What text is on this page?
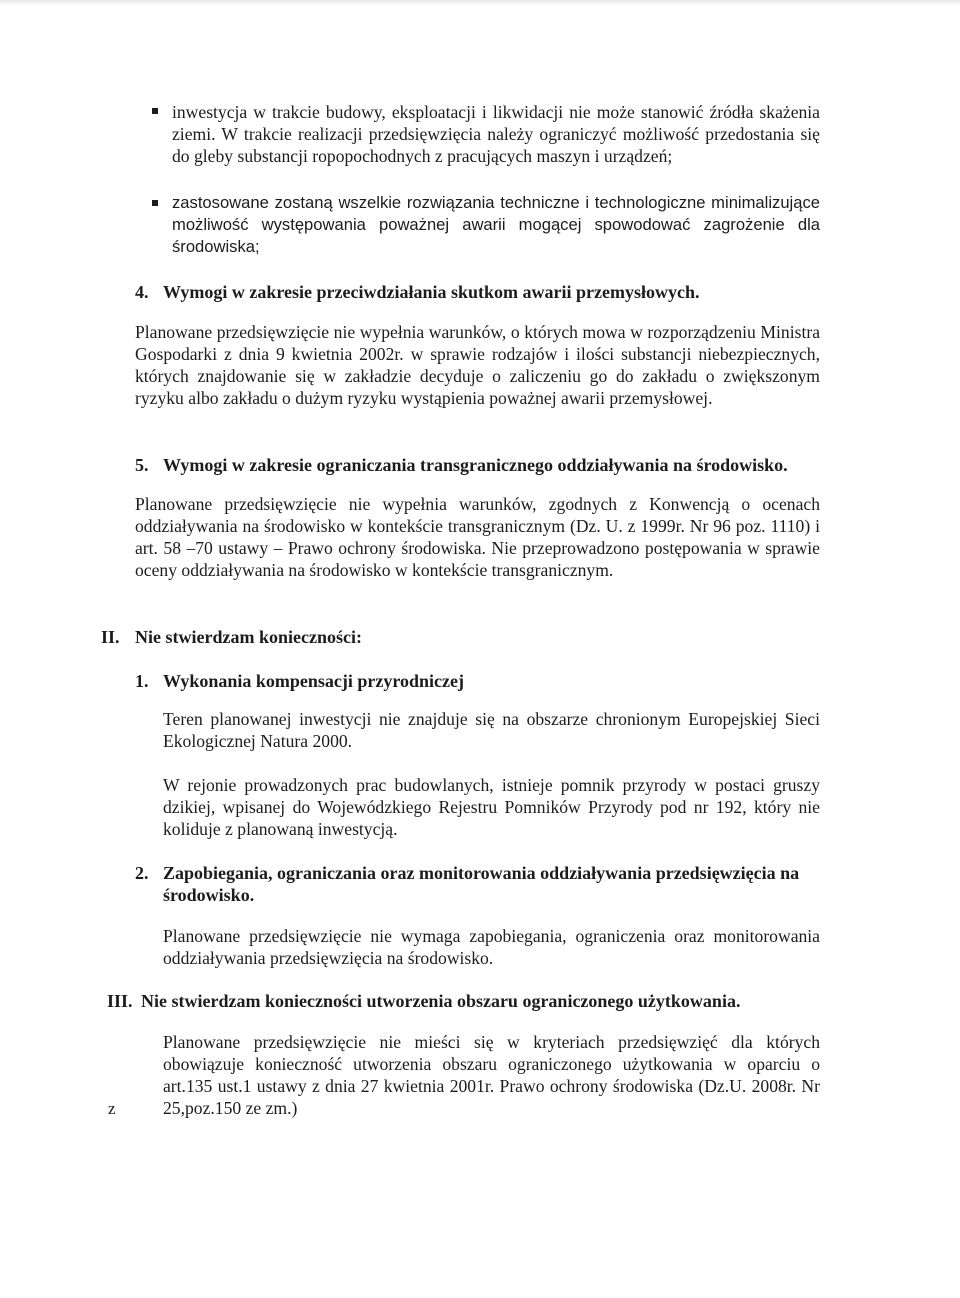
inwestycja w trakcie budowy, eksploatacji i likwidacji nie może stanowić źródła skażenia ziemi. W trakcie realizacji przedsięwzięcia należy ograniczyć możliwość przedostania się do gleby substancji ropopochodnych z pracujących maszyn i urządzeń;

zastosowane zostaną wszelkie rozwiązania techniczne i technologiczne minimalizujące możliwość występowania poważnej awarii mogącej spowodować zagrożenie dla środowiska;

4. Wymogi w zakresie przeciwdziałania skutkom awarii przemysłowych.

Planowane przedsięwzięcie nie wypełnia warunków, o których mowa w rozporządzeniu Ministra Gospodarki z dnia 9 kwietnia 2002r. w sprawie rodzajów i ilości substancji niebezpiecznych, których znajdowanie się w zakładzie decyduje o zaliczeniu go do zakładu o zwiększonym ryzyku albo zakładu o dużym ryzyku wystąpienia poważnej awarii przemysłowej.

5. Wymogi w zakresie ograniczania transgranicznego oddziaływania na środowisko.

Planowane przedsięwzięcie nie wypełnia warunków, zgodnych z Konwencją o ocenach oddziaływania na środowisko w kontekście transgranicznym (Dz. U. z 1999r. Nr 96 poz. 1110) i art. 58 –70 ustawy – Prawo ochrony środowiska. Nie przeprowadzono postępowania w sprawie oceny oddziaływania na środowisko w kontekście transgranicznym.

II. Nie stwierdzam konieczności:
1. Wykonania kompensacji przyrodniczej

Teren planowanej inwestycji nie znajduje się na obszarze chronionym Europejskiej Sieci Ekologicznej Natura 2000.

W rejonie prowadzonych prac budowlanych, istnieje pomnik przyrody w postaci gruszy dzikiej, wpisanej do Wojewódzkiego Rejestru Pomników Przyrody pod nr 192, który nie koliduje z planowaną inwestycją.

2. Zapobiegania, ograniczania oraz monitorowania oddziaływania przedsięwzięcia na środowisko.

Planowane przedsięwzięcie nie wymaga zapobiegania, ograniczenia oraz monitorowania oddziaływania przedsięwzięcia na środowisko.

III. Nie stwierdzam konieczności utworzenia obszaru ograniczonego użytkowania.

Planowane przedsięwzięcie nie mieści się w kryteriach przedsięwzięć dla których obowiązuje konieczność utworzenia obszaru ograniczonego użytkowania w oparciu o art.135 ust.1 ustawy z dnia 27 kwietnia 2001r. Prawo ochrony środowiska (Dz.U. 2008r. Nr 25,poz.150 ze zm.)

z
